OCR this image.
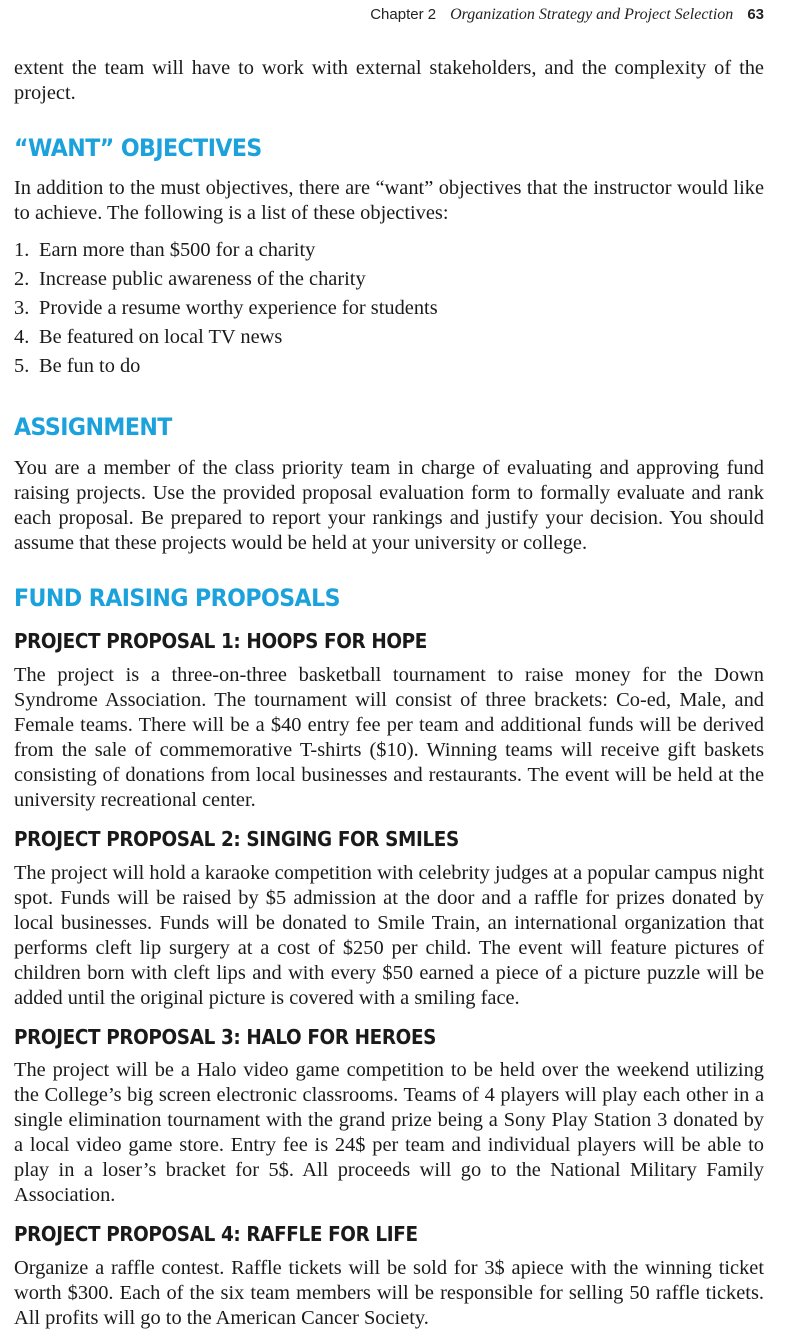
Chapter 2 Organization Strategy and Project Selection 63

extent the team will have to work with external stakeholders, and the complexity of the project.

“WANT” OBJECTIVES

In addition to the must objectives, there are “want” objectives that the instructor would like to achieve. The following is a list of these objectives:

1. Earn more than $500 for a charity
2. Increase public awareness of the charity
3. Provide a resume worthy experience for students
4. Be featured on local TV news
5. Be fun to do
ASSIGNMENT

You are a member of the class priority team in charge of evaluating and approving fund raising projects. Use the provided proposal evaluation form to formally evaluate and rank each proposal. Be prepared to report your rankings and justify your decision. You should assume that these projects would be held at your university or college.

FUND RAISING PROPOSALS
PROJECT PROPOSAL 1: HOOPS FOR HOPE

The project is a three-on-three basketball tournament to raise money for the Down Syndrome Association. The tournament will consist of three brackets: Co-ed, Male, and Female teams. There will be a $40 entry fee per team and additional funds will be derived from the sale of commemorative T-shirts ($10). Winning teams will receive gift baskets consisting of donations from local businesses and restaurants. The event will be held at the university recreational center.

PROJECT PROPOSAL 2: SINGING FOR SMILES

The project will hold a karaoke competition with celebrity judges at a popular campus night spot. Funds will be raised by $5 admission at the door and a raffle for prizes donated by local businesses. Funds will be donated to Smile Train, an international organization that performs cleft lip surgery at a cost of $250 per child. The event will feature pictures of children born with cleft lips and with every $50 earned a piece of a picture puzzle will be added until the original picture is covered with a smiling face.

PROJECT PROPOSAL 3: HALO FOR HEROES

The project will be a Halo video game competition to be held over the weekend utilizing the College’s big screen electronic classrooms. Teams of 4 players will play each other in a single elimination tournament with the grand prize being a Sony Play Station 3 donated by a local video game store. Entry fee is 24$ per team and individual players will be able to play in a loser’s bracket for 5$. All proceeds will go to the National Military Family Association.

PROJECT PROPOSAL 4: RAFFLE FOR LIFE

Organize a raffle contest. Raffle tickets will be sold for 3$ apiece with the winning ticket worth $300. Each of the six team members will be responsible for selling 50 raffle tickets. All profits will go to the American Cancer Society.
